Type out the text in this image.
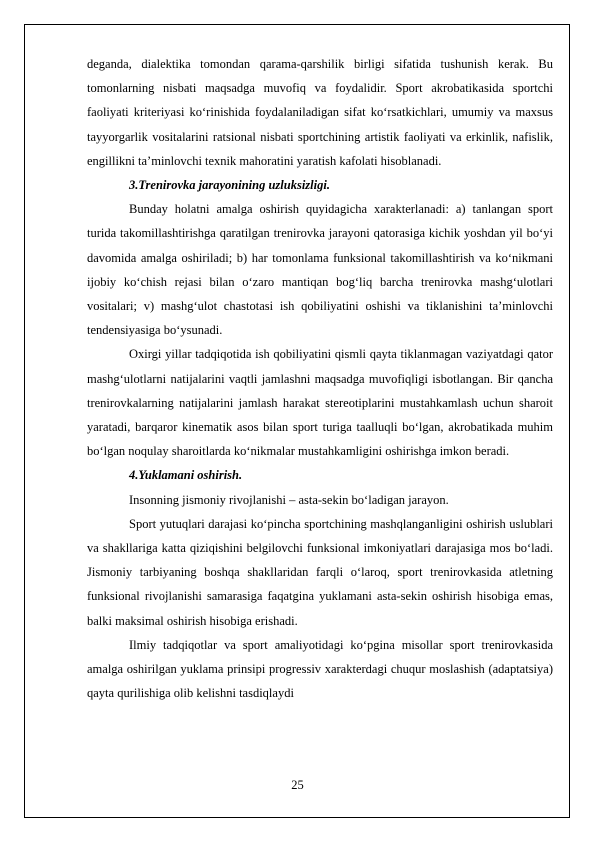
deganda, dialektika tomondan qarama-qarshilik birligi sifatida tushunish kerak. Bu tomonlarning nisbati maqsadga muvofiq va foydalidir. Sport akrobatikasida sportchi faoliyati kriteriyasi ko‘rinishida foydalaniladigan sifat ko‘rsatkichlari, umumiy va maxsus tayyorgarlik vositalarini ratsional nisbati sportchining artistik faoliyati va erkinlik, nafislik, engillikni ta’minlovchi texnik mahoratini yaratish kafolati hisoblanadi.

3.Trenirovka jarayonining uzluksizligi.

Bunday holatni amalga oshirish quyidagicha xarakterlanadi: a) tanlangan sport turida takomillashtirishga qaratilgan trenirovka jarayoni qatorasiga kichik yoshdan yil bo‘yi davomida amalga oshiriladi; b) har tomonlama funksional takomillashtirish va ko‘nikmani ijobiy ko‘chish rejasi bilan o‘zaro mantiqan bog‘liq barcha trenirovka mashg‘ulotlari vositalari; v) mashg‘ulot chastotasi ish qobiliyatini oshishi va tiklanishini ta’minlovchi tendensiyasiga bo‘ysunadi.

Oxirgi yillar tadqiqotida ish qobiliyatini qismli qayta tiklanmagan vaziyatdagi qator mashg‘ulotlarni natijalarini vaqtli jamlashni maqsadga muvofiqligi isbotlangan. Bir qancha trenirovkalarning natijalarini jamlash harakat stereotiplarini mustahkamlash uchun sharoit yaratadi, barqaror kinematik asos bilan sport turiga taalluqli bo‘lgan, akrobatikada muhim bo‘lgan noqulay sharoitlarda ko‘nikmalar mustahkamligini oshirishga imkon beradi.

4.Yuklamani oshirish.

Insonning jismoniy rivojlanishi – asta-sekin bo‘ladigan jarayon.

Sport yutuqlari darajasi ko‘pincha sportchining mashqlanganligini oshirish uslublari va shakllariga katta qiziqishini belgilovchi funksional imkoniyatlari darajasiga mos bo‘ladi. Jismoniy tarbiyaning boshqa shakllaridan farqli o‘laroq, sport trenirovkasida atletning funksional rivojlanishi samarasiga faqatgina yuklamani asta-sekin oshirish hisobiga emas, balki maksimal oshirish hisobiga erishadi.

Ilmiy tadqiqotlar va sport amaliyotidagi ko‘pgina misollar sport trenirovkasida amalga oshirilgan yuklama prinsipi progressiv xarakterdagi chuqur moslashish (adaptatsiya) qayta qurilishiga olib kelishni tasdiqlaydi

25
